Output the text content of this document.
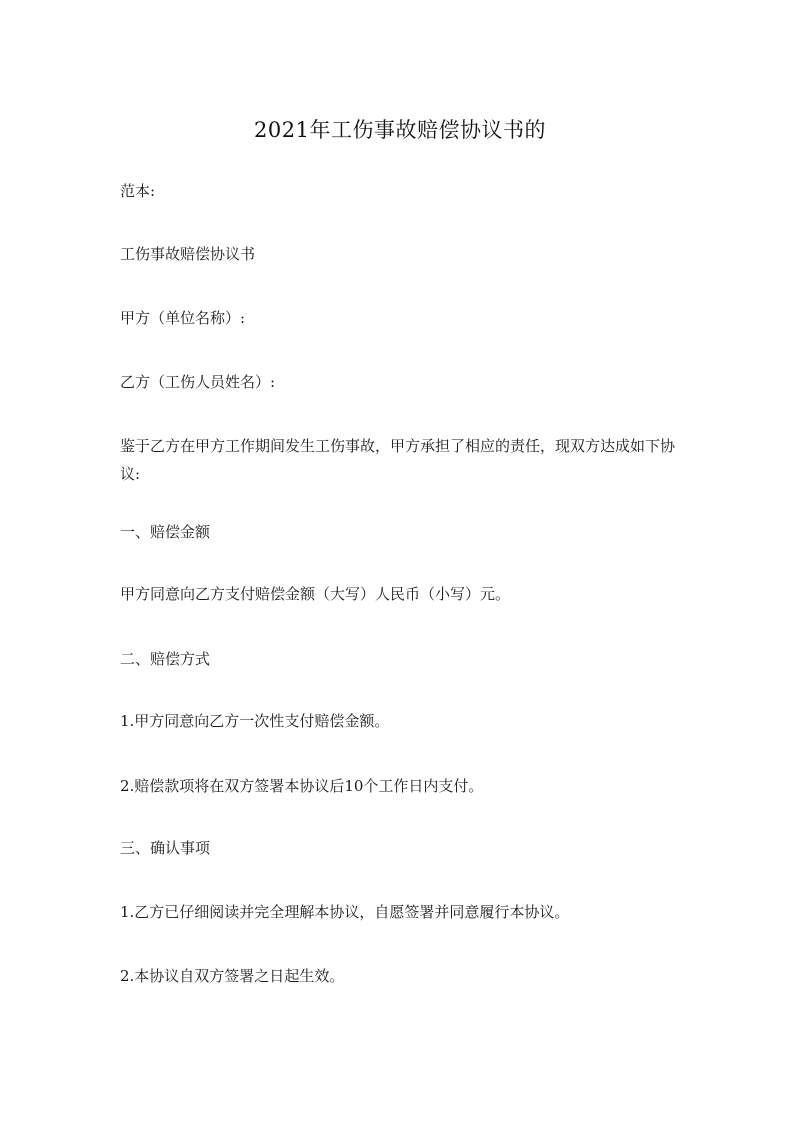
2021年工伤事故赔偿协议书的

范本:

工伤事故赔偿协议书

甲方（单位名称）:

乙方（工伤人员姓名）:

鉴于乙方在甲方工作期间发生工伤事故，甲方承担了相应的责任，现双方达成如下协议:

一、赔偿金额

甲方同意向乙方支付赔偿金额（大写）人民币（小写）元。

二、赔偿方式

1.甲方同意向乙方一次性支付赔偿金额。

2.赔偿款项将在双方签署本协议后10个工作日内支付。

三、确认事项

1.乙方已仔细阅读并完全理解本协议，自愿签署并同意履行本协议。

2.本协议自双方签署之日起生效。
